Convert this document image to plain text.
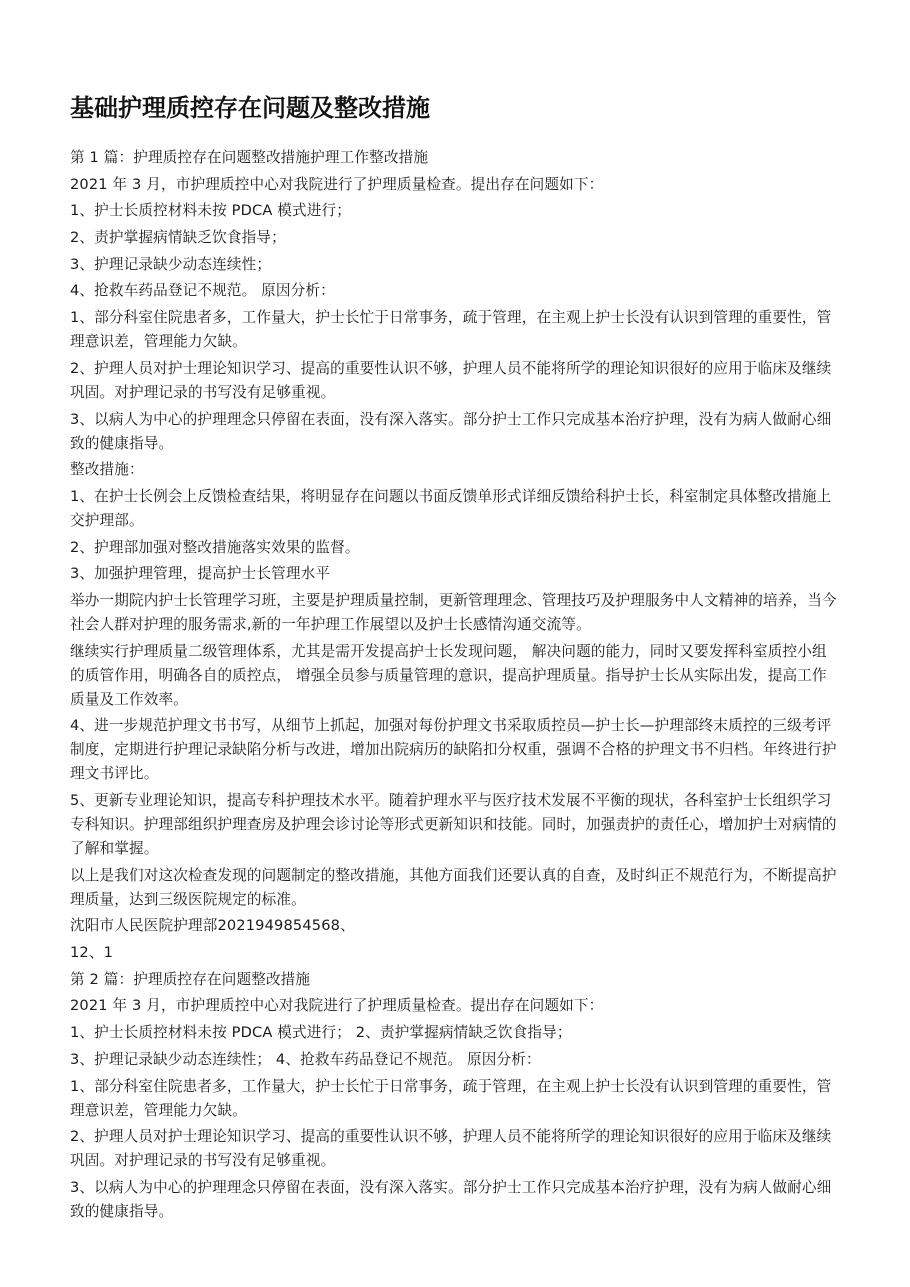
基础护理质控存在问题及整改措施

第 1 篇：护理质控存在问题整改措施护理工作整改措施

2021 年 3 月，市护理质控中心对我院进行了护理质量检查。提出存在问题如下：

1、护士长质控材料未按 PDCA 模式进行；

2、责护掌握病情缺乏饮食指导；

3、护理记录缺少动态连续性；

4、抢救车药品登记不规范。 原因分析：

1、部分科室住院患者多，工作量大，护士长忙于日常事务，疏于管理，在主观上护士长没有认识到管理的重要性，管理意识差，管理能力欠缺。

2、护理人员对护士理论知识学习、提高的重要性认识不够，护理人员不能将所学的理论知识很好的应用于临床及继续巩固。对护理记录的书写没有足够重视。

3、以病人为中心的护理理念只停留在表面，没有深入落实。部分护士工作只完成基本治疗护理，没有为病人做耐心细致的健康指导。

整改措施：

1、在护士长例会上反馈检查结果，将明显存在问题以书面反馈单形式详细反馈给科护士长，科室制定具体整改措施上交护理部。

2、护理部加强对整改措施落实效果的监督。

3、加强护理管理，提高护士长管理水平

举办一期院内护士长管理学习班，主要是护理质量控制，更新管理理念、管理技巧及护理服务中人文精神的培养，当今社会人群对护理的服务需求,新的一年护理工作展望以及护士长感情沟通交流等。

继续实行护理质量二级管理体系，尤其是需开发提高护士长发现问题， 解决问题的能力，同时又要发挥科室质控小组的质管作用，明确各自的质控点， 增强全员参与质量管理的意识，提高护理质量。指导护士长从实际出发，提高工作质量及工作效率。

4、进一步规范护理文书书写，从细节上抓起，加强对每份护理文书采取质控员—护士长—护理部终末质控的三级考评制度，定期进行护理记录缺陷分析与改进，增加出院病历的缺陷扣分权重，强调不合格的护理文书不归档。年终进行护理文书评比。

5、更新专业理论知识，提高专科护理技术水平。随着护理水平与医疗技术发展不平衡的现状，各科室护士长组织学习专科知识。护理部组织护理查房及护理会诊讨论等形式更新知识和技能。同时，加强责护的责任心，增加护士对病情的了解和掌握。

以上是我们对这次检查发现的问题制定的整改措施，其他方面我们还要认真的自查，及时纠正不规范行为，不断提高护理质量，达到三级医院规定的标准。

沈阳市人民医院护理部2021949854568、

12、1

第 2 篇：护理质控存在问题整改措施

2021 年 3 月，市护理质控中心对我院进行了护理质量检查。提出存在问题如下：

1、护士长质控材料未按 PDCA 模式进行； 2、责护掌握病情缺乏饮食指导；

3、护理记录缺少动态连续性； 4、抢救车药品登记不规范。 原因分析：

1、部分科室住院患者多，工作量大，护士长忙于日常事务，疏于管理，在主观上护士长没有认识到管理的重要性，管理意识差，管理能力欠缺。

2、护理人员对护士理论知识学习、提高的重要性认识不够，护理人员不能将所学的理论知识很好的应用于临床及继续巩固。对护理记录的书写没有足够重视。

3、以病人为中心的护理理念只停留在表面，没有深入落实。部分护士工作只完成基本治疗护理，没有为病人做耐心细致的健康指导。
